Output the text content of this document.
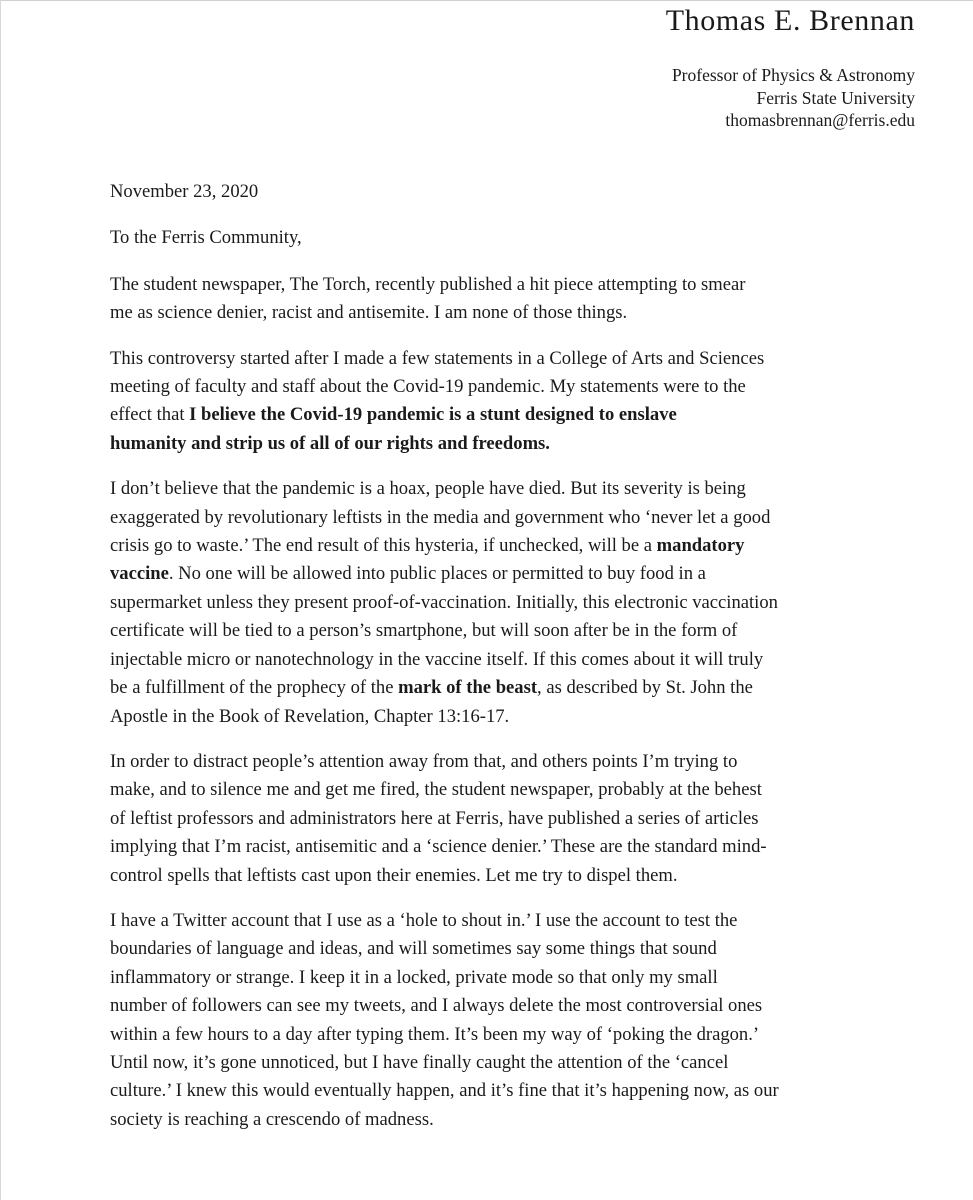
Thomas E. Brennan
Professor of Physics & Astronomy
Ferris State University
thomasbrennan@ferris.edu
November 23, 2020
To the Ferris Community,
The student newspaper, The Torch, recently published a hit piece attempting to smear
me as science denier, racist and antisemite. I am none of those things.
This controversy started after I made a few statements in a College of Arts and Sciences
meeting of faculty and staff about the Covid-19 pandemic. My statements were to the
effect that I believe the Covid-19 pandemic is a stunt designed to enslave
humanity and strip us of all of our rights and freedoms.
I don’t believe that the pandemic is a hoax, people have died. But its severity is being
exaggerated by revolutionary leftists in the media and government who ‘never let a good
crisis go to waste.’ The end result of this hysteria, if unchecked, will be a mandatory
vaccine. No one will be allowed into public places or permitted to buy food in a
supermarket unless they present proof-of-vaccination. Initially, this electronic vaccination
certificate will be tied to a person’s smartphone, but will soon after be in the form of
injectable micro or nanotechnology in the vaccine itself. If this comes about it will truly
be a fulfillment of the prophecy of the mark of the beast, as described by St. John the
Apostle in the Book of Revelation, Chapter 13:16-17.
In order to distract people’s attention away from that, and others points I’m trying to
make, and to silence me and get me fired, the student newspaper, probably at the behest
of leftist professors and administrators here at Ferris, have published a series of articles
implying that I’m racist, antisemitic and a ‘science denier.’ These are the standard mind-
control spells that leftists cast upon their enemies. Let me try to dispel them.
I have a Twitter account that I use as a ‘hole to shout in.’ I use the account to test the
boundaries of language and ideas, and will sometimes say some things that sound
inflammatory or strange. I keep it in a locked, private mode so that only my small
number of followers can see my tweets, and I always delete the most controversial ones
within a few hours to a day after typing them. It’s been my way of ‘poking the dragon.’
Until now, it’s gone unnoticed, but I have finally caught the attention of the ‘cancel
culture.’ I knew this would eventually happen, and it’s fine that it’s happening now, as our
society is reaching a crescendo of madness.
